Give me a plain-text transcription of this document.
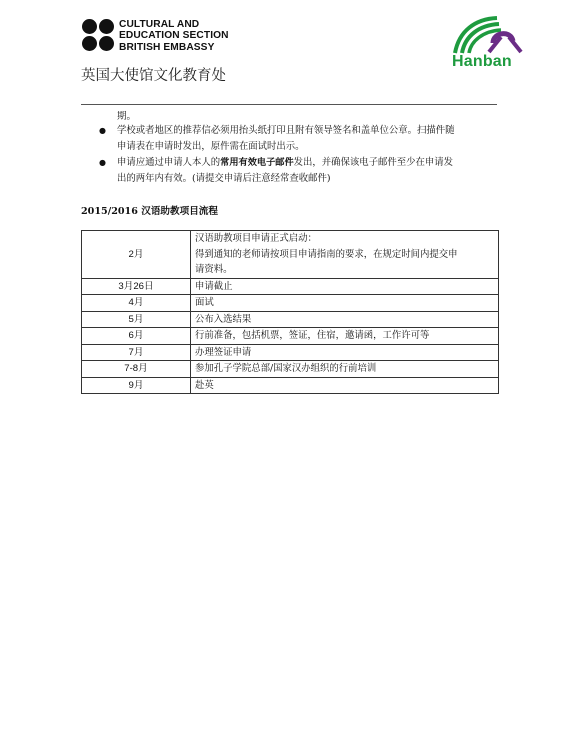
CULTURAL AND
EDUCATION SECTION
BRITISH EMBASSY
英国大使馆文化教育处
Hanban
期。
● 学校或者地区的推荐信必须用抬头纸打印且附有领导签名和盖单位公章。扫描件随
申请表在申请时发出，原件需在面试时出示。
● 申请应通过申请人本人的常用有效电子邮件发出，并确保该电子邮件至少在申请发
出的两年内有效。(请提交申请后注意经常查收邮件)
2015/2016 汉语助教项目流程
2月	汉语助教项目申请正式启动：
得到通知的老师请按项目申请指南的要求，在规定时间内提交申
请资料。

3月26日	申请截止
4月	面试
5月	公布入选结果
6月	行前准备，包括机票，签证，住宿，邀请函，工作许可等
7月	办理签证申请
7-8月	参加孔子学院总部/国家汉办组织的行前培训
9月	赴英
